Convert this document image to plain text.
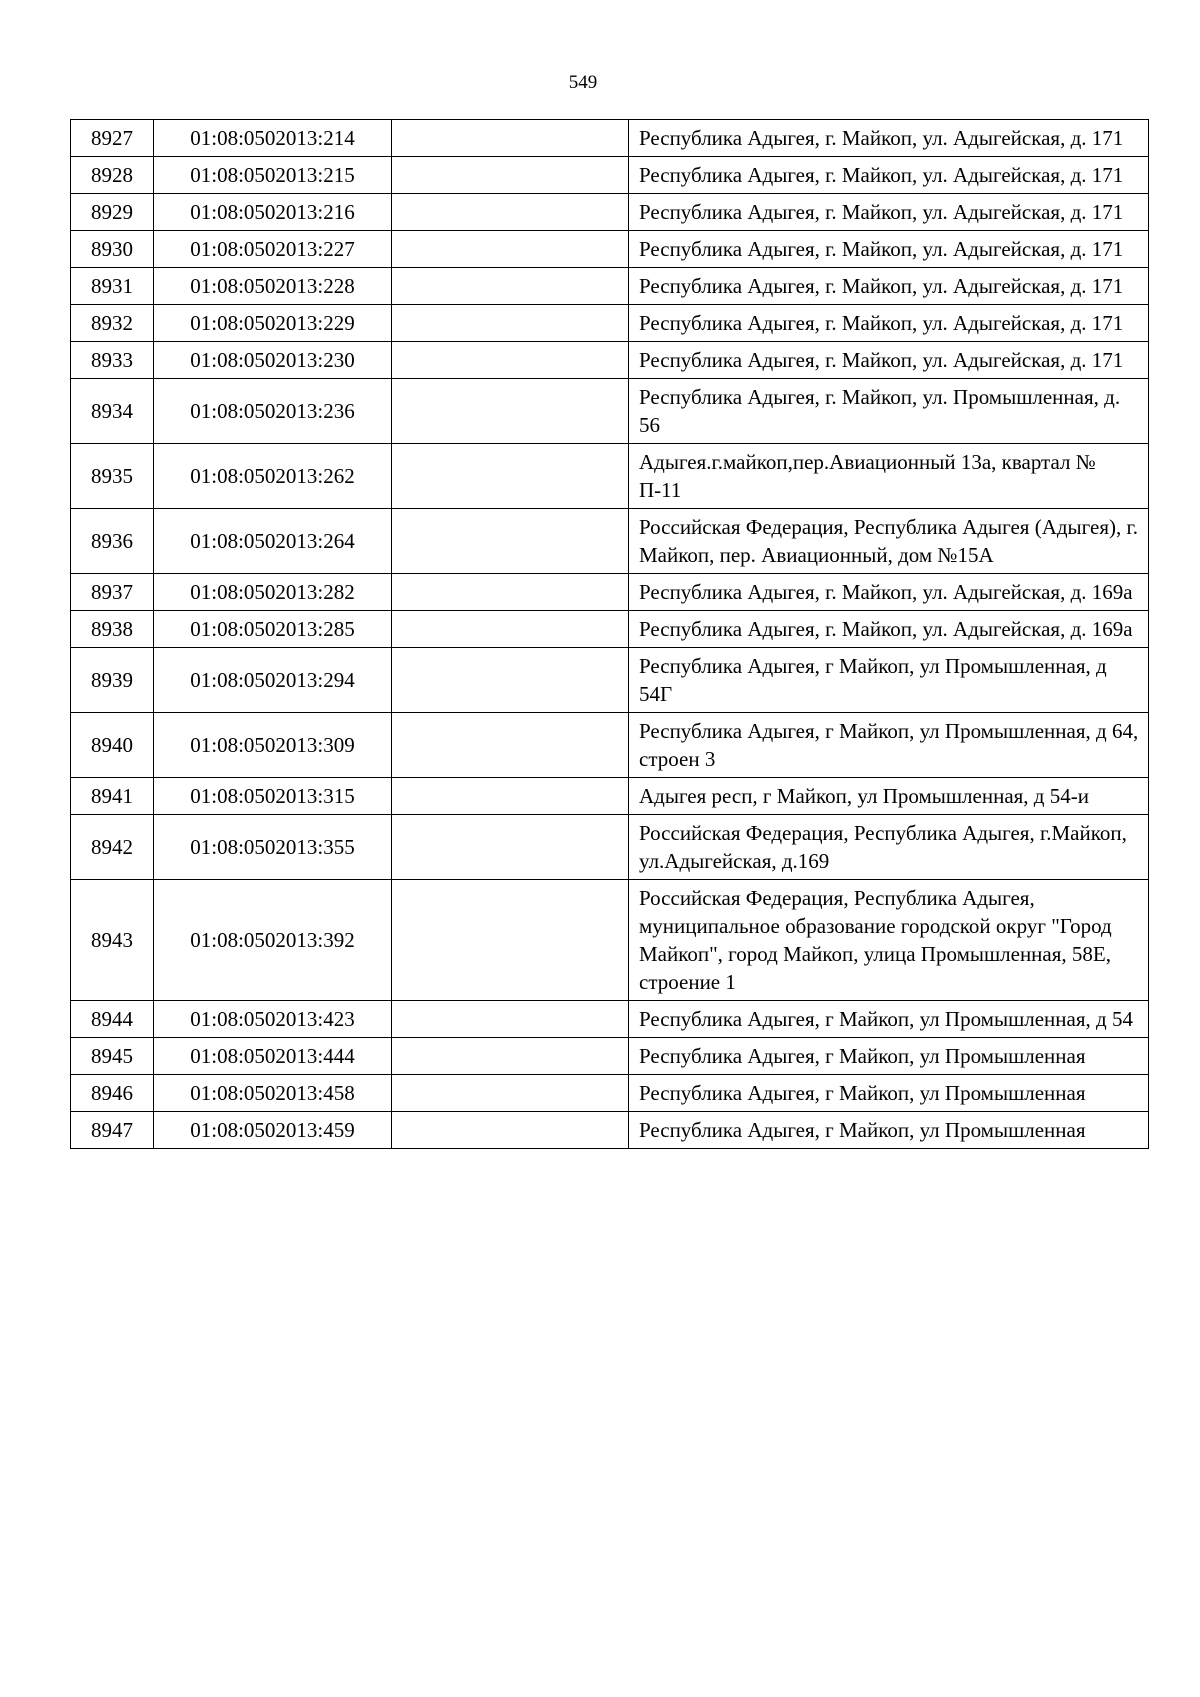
549
8927	01:08:0502013:214		Республика Адыгея, г. Майкоп, ул. Адыгейская, д. 171
8928	01:08:0502013:215		Республика Адыгея, г. Майкоп, ул. Адыгейская, д. 171
8929	01:08:0502013:216		Республика Адыгея, г. Майкоп, ул. Адыгейская, д. 171
8930	01:08:0502013:227		Республика Адыгея, г. Майкоп, ул. Адыгейская, д. 171
8931	01:08:0502013:228		Республика Адыгея, г. Майкоп, ул. Адыгейская, д. 171
8932	01:08:0502013:229		Республика Адыгея, г. Майкоп, ул. Адыгейская, д. 171
8933	01:08:0502013:230		Республика Адыгея, г. Майкоп, ул. Адыгейская, д. 171
8934	01:08:0502013:236		Республика Адыгея, г. Майкоп, ул. Промышленная, д. 56
8935	01:08:0502013:262		Адыгея.г.майкоп,пер.Авиационный 13а, квартал № П-11
8936	01:08:0502013:264		Российская Федерация, Республика Адыгея (Адыгея), г. Майкоп, пер. Авиационный, дом №15А
8937	01:08:0502013:282		Республика Адыгея, г. Майкоп, ул. Адыгейская, д. 169а
8938	01:08:0502013:285		Республика Адыгея, г. Майкоп, ул. Адыгейская, д. 169а
8939	01:08:0502013:294		Республика Адыгея, г Майкоп, ул Промышленная, д 54Г
8940	01:08:0502013:309		Республика Адыгея, г Майкоп, ул Промышленная, д 64, строен 3
8941	01:08:0502013:315		Адыгея респ, г Майкоп, ул Промышленная, д 54-и
8942	01:08:0502013:355		Российская Федерация, Республика Адыгея, г.Майкоп, ул.Адыгейская, д.169
8943	01:08:0502013:392		Российская Федерация, Республика Адыгея, муниципальное образование городской округ "Город Майкоп", город Майкоп, улица Промышленная, 58Е, строение 1
8944	01:08:0502013:423		Республика Адыгея, г Майкоп, ул Промышленная, д 54
8945	01:08:0502013:444		Республика Адыгея, г Майкоп, ул Промышленная
8946	01:08:0502013:458		Республика Адыгея, г Майкоп, ул Промышленная
8947	01:08:0502013:459		Республика Адыгея, г Майкоп, ул Промышленная
